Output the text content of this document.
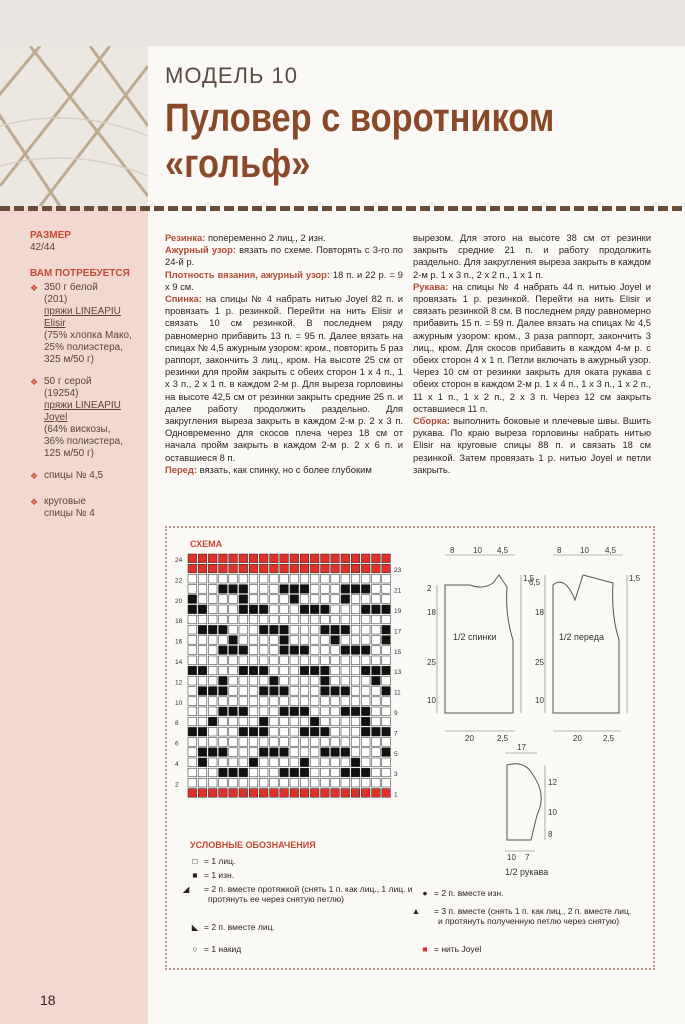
МОДЕЛЬ 10
Пуловер с воротником
«гольф»
РАЗМЕР
42/44
ВАМ ПОТРЕБУЕТСЯ
❖ 350 г белой
(201)
пряжи LINEAPIU
Elisir
(75% хлопка Мако,
25% полиэстера,
325 м/50 г)
❖ 50 г серой
(19254)
пряжи LINEAPIU
Joyel
(64% вискозы,
36% полиэстера,
125 м/50 г)
❖ спицы № 4,5
❖ круговые
спицы № 4
Резинка: попеременно 2 лиц., 2 изн.
Ажурный узор: вязать по схеме. Повторять с 3-го по 24-й р.
Плотность вязания, ажурный узор: 18 п. и 22 р. = 9 х 9 см.
Спинка: на спицы № 4 набрать нитью Joyel 82 п. и провязать 1 р. резинкой. Перейти на нить Elisir и связать 10 см резинкой. В последнем ряду равномерно прибавить 13 п. = 95 п. Далее вязать на спицах № 4,5 ажурным узором: кром., повторить 5 раз раппорт, закончить 3 лиц., кром. На высоте 25 см от резинки для пройм закрыть с обеих сторон 1 х 4 п., 1 х 3 п., 2 х 1 п. в каждом 2-м р. Для выреза горловины на высоте 42,5 см от резинки закрыть средние 25 п. и далее работу продолжить раздельно. Для закругления выреза закрыть в каждом 2-м р. 2 х 3 п. Одновременно для скосов плеча через 18 см от начала пройм закрыть в каждом 2-м р. 2 х 6 п. и оставшиеся 8 п.
Перед: вязать, как спинку, но с более глубоким
вырезом. Для этого на высоте 38 см от резинки закрыть средние 21 п. и работу продолжить раздельно. Для закругления выреза закрыть в каждом 2-м р. 1 х 3 п., 2 х 2 п., 1 х 1 п.
Рукава: на спицы № 4 набрать 44 п. нитью Joyel и провязать 1 р. резинкой. Перейти на нить Elisir и связать резинкой 8 см. В последнем ряду равномерно прибавить 15 п. = 59 п. Далее вязать на спицах № 4,5 ажурным узором: кром., 3 раза раппорт, закончить 3 лиц., кром. Для скосов прибавить в каждом 4-м р. с обеих сторон 4 х 1 п. Петли включать в ажурный узор. Через 10 см от резинки закрыть для оката рукава с обеих сторон в каждом 2-м р. 1 х 4 п., 1 х 3 п., 1 х 2 п., 11 х 1 п., 1 х 2 п., 2 х 3 п. Через 12 см закрыть оставшиеся 11 п.
Сборка: выполнить боковые и плечевые швы. Вшить рукава. По краю выреза горловины набрать нитью Elisir на круговые спицы 88 п. и связать 18 см резинкой. Затем провязать 1 р. нитью Joyel и петли закрыть.
СХЕМА
24
22
20
18
16
14
12
10
8
6
4
2
23
21
19
17
15
13
11
9
7
5
3
1
8 10 4,5	8 10 4,5
2
18
25
10
1,5
6,5
18
25
10
1,5
20	2,5	20	2,5
17
12
10
8
10 7
1/2 спинки	1/2 переда
1/2 рукава
УСЛОВНЫЕ ОБОЗНАЧЕНИЯ
□ = 1 лиц.
■ = 1 изн.
◢ = 2 п. вместе протяжкой (снять 1 п. как лиц., 1 лиц. и протянуть ее через снятую петлю)
◣ = 2 п. вместе лиц.
○ = 1 накид
● = 2 п. вместе изн.
▲ = 3 п. вместе (снять 1 п. как лиц., 2 п. вместе лиц. и протянуть полученную петлю через снятую)
■ = нить Joyel
18
